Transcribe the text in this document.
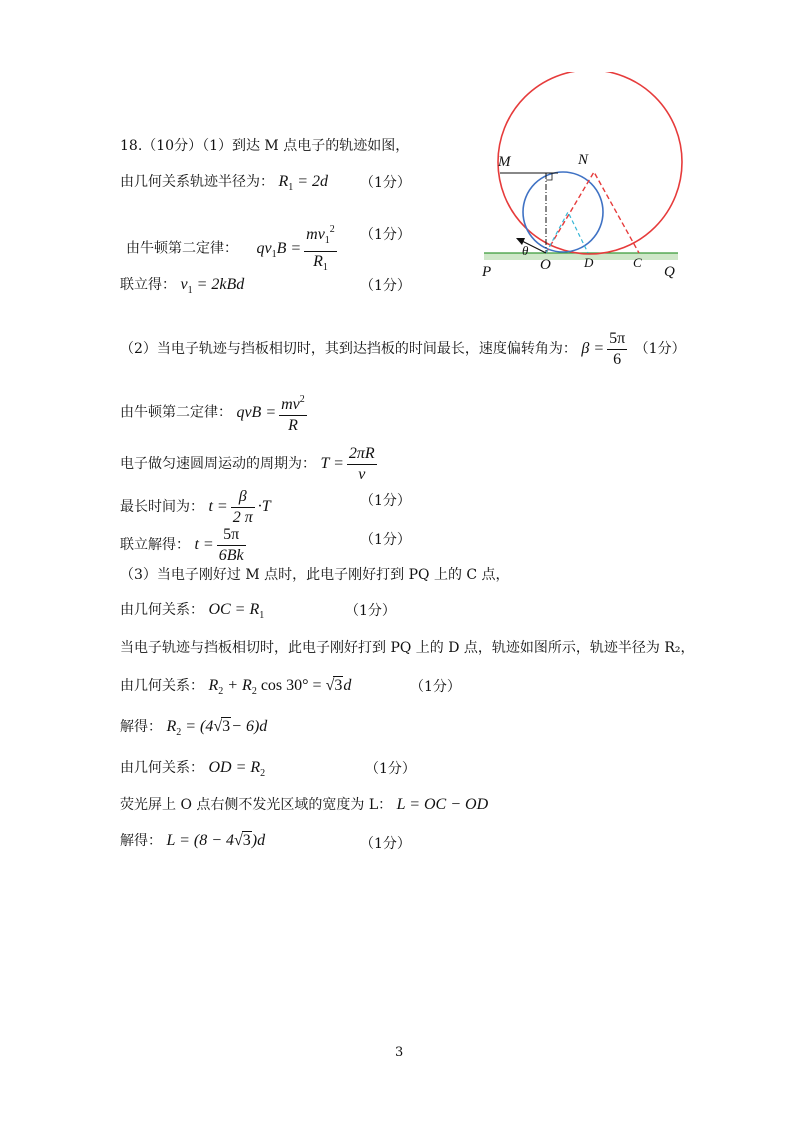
M	N
θ
O	D	C
P	Q
18.（10分）（1）到达 M 点电子的轨迹如图，
由几何关系轨迹半径为： $R_1 = 2d$ （1分）
由牛顿第二定律： $qv_1B = \frac{mv_1^2}{R_1} (1$分）
联立得： $v_1 = 2kBd$	（1分）
（2）当电子轨迹与挡板相切时，其到达挡板的时间最长，速度偏转角为： $\beta = \frac{5\pi}{6} (1$分）
由牛顿第二定律： qvB = $\frac{mv^2}{R}$
电子做匀速圆周运动的周期为： $T = \frac{2\pi R}{v}$
最长时间为： $t = \frac{\beta}{2 \pi} \cdot T$	（1分）
联立解得： $t = \frac{5\pi}{6Bk}$	（1分）
（3）当电子刚好过 M 点时，此电子刚好打到 PQ 上的 C 点，
由几何关系： OC = $R_1$	（1分）
当电子轨迹与挡板相切时，此电子刚好打到 PQ 上的 D 点，轨迹如图所示，轨迹半径为 R₂，
由几何关系： $R_2 + R_2$ cos 30° = √3d	（1分）
解得： $R_2 = (4√3- 6)d$
由几何关系： OD = $R_2$	（1分）
荧光屏上 O 点右侧不发光区域的宽度为 L： L = OC − OD
解得： L = (8 − 4√3)d	（1分）
3
